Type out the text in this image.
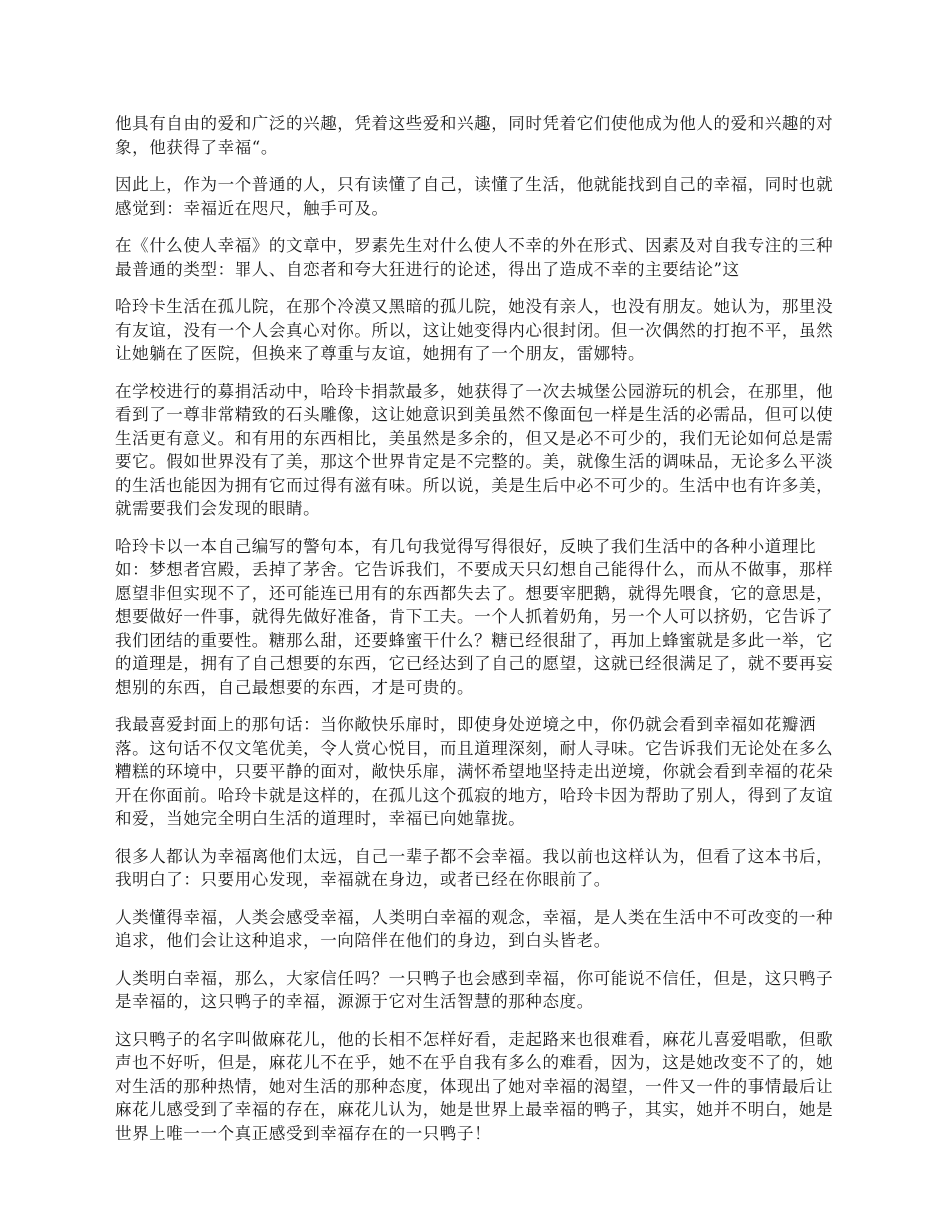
他具有自由的爱和广泛的兴趣，凭着这些爱和兴趣，同时凭着它们使他成为他人的爱和兴趣的对象，他获得了幸福“。

因此上，作为一个普通的人，只有读懂了自己，读懂了生活，他就能找到自己的幸福，同时也就感觉到：幸福近在咫尺，触手可及。

在《什么使人幸福》的文章中，罗素先生对什么使人不幸的外在形式、因素及对自我专注的三种最普通的类型：罪人、自恋者和夸大狂进行的论述，得出了造成不幸的主要结论”这

哈玲卡生活在孤儿院，在那个冷漠又黑暗的孤儿院，她没有亲人，也没有朋友。她认为，那里没有友谊，没有一个人会真心对你。所以，这让她变得内心很封闭。但一次偶然的打抱不平，虽然让她躺在了医院，但换来了尊重与友谊，她拥有了一个朋友，雷娜特。

在学校进行的募捐活动中，哈玲卡捐款最多，她获得了一次去城堡公园游玩的机会，在那里，他看到了一尊非常精致的石头雕像，这让她意识到美虽然不像面包一样是生活的必需品，但可以使生活更有意义。和有用的东西相比，美虽然是多余的，但又是必不可少的，我们无论如何总是需要它。假如世界没有了美，那这个世界肯定是不完整的。美，就像生活的调味品，无论多么平淡的生活也能因为拥有它而过得有滋有味。所以说，美是生后中必不可少的。生活中也有许多美，就需要我们会发现的眼睛。

哈玲卡以一本自己编写的警句本，有几句我觉得写得很好，反映了我们生活中的各种小道理比如：梦想者宫殿，丢掉了茅舍。它告诉我们，不要成天只幻想自己能得什么，而从不做事，那样愿望非但实现不了，还可能连已用有的东西都失去了。想要宰肥鹅，就得先喂食，它的意思是，想要做好一件事，就得先做好准备，肯下工夫。一个人抓着奶角，另一个人可以挤奶，它告诉了我们团结的重要性。糖那么甜，还要蜂蜜干什么？糖已经很甜了，再加上蜂蜜就是多此一举，它的道理是，拥有了自己想要的东西，它已经达到了自己的愿望，这就已经很满足了，就不要再妄想别的东西，自己最想要的东西，才是可贵的。

我最喜爱封面上的那句话：当你敞快乐扉时，即使身处逆境之中，你仍就会看到幸福如花瓣洒落。这句话不仅文笔优美，令人赏心悦目，而且道理深刻，耐人寻味。它告诉我们无论处在多么糟糕的环境中，只要平静的面对，敞快乐扉，满怀希望地坚持走出逆境，你就会看到幸福的花朵开在你面前。哈玲卡就是这样的，在孤儿这个孤寂的地方，哈玲卡因为帮助了别人，得到了友谊和爱，当她完全明白生活的道理时，幸福已向她靠拢。

很多人都认为幸福离他们太远，自己一辈子都不会幸福。我以前也这样认为，但看了这本书后，我明白了：只要用心发现，幸福就在身边，或者已经在你眼前了。

人类懂得幸福，人类会感受幸福，人类明白幸福的观念，幸福，是人类在生活中不可改变的一种追求，他们会让这种追求，一向陪伴在他们的身边，到白头皆老。

人类明白幸福，那么，大家信任吗？一只鸭子也会感到幸福，你可能说不信任，但是，这只鸭子是幸福的，这只鸭子的幸福，源源于它对生活智慧的那种态度。

这只鸭子的名字叫做麻花儿，他的长相不怎样好看，走起路来也很难看，麻花儿喜爱唱歌，但歌声也不好听，但是，麻花儿不在乎，她不在乎自我有多么的难看，因为，这是她改变不了的，她对生活的那种热情，她对生活的那种态度，体现出了她对幸福的渴望，一件又一件的事情最后让麻花儿感受到了幸福的存在，麻花儿认为，她是世界上最幸福的鸭子，其实，她并不明白，她是世界上唯一一个真正感受到幸福存在的一只鸭子！
